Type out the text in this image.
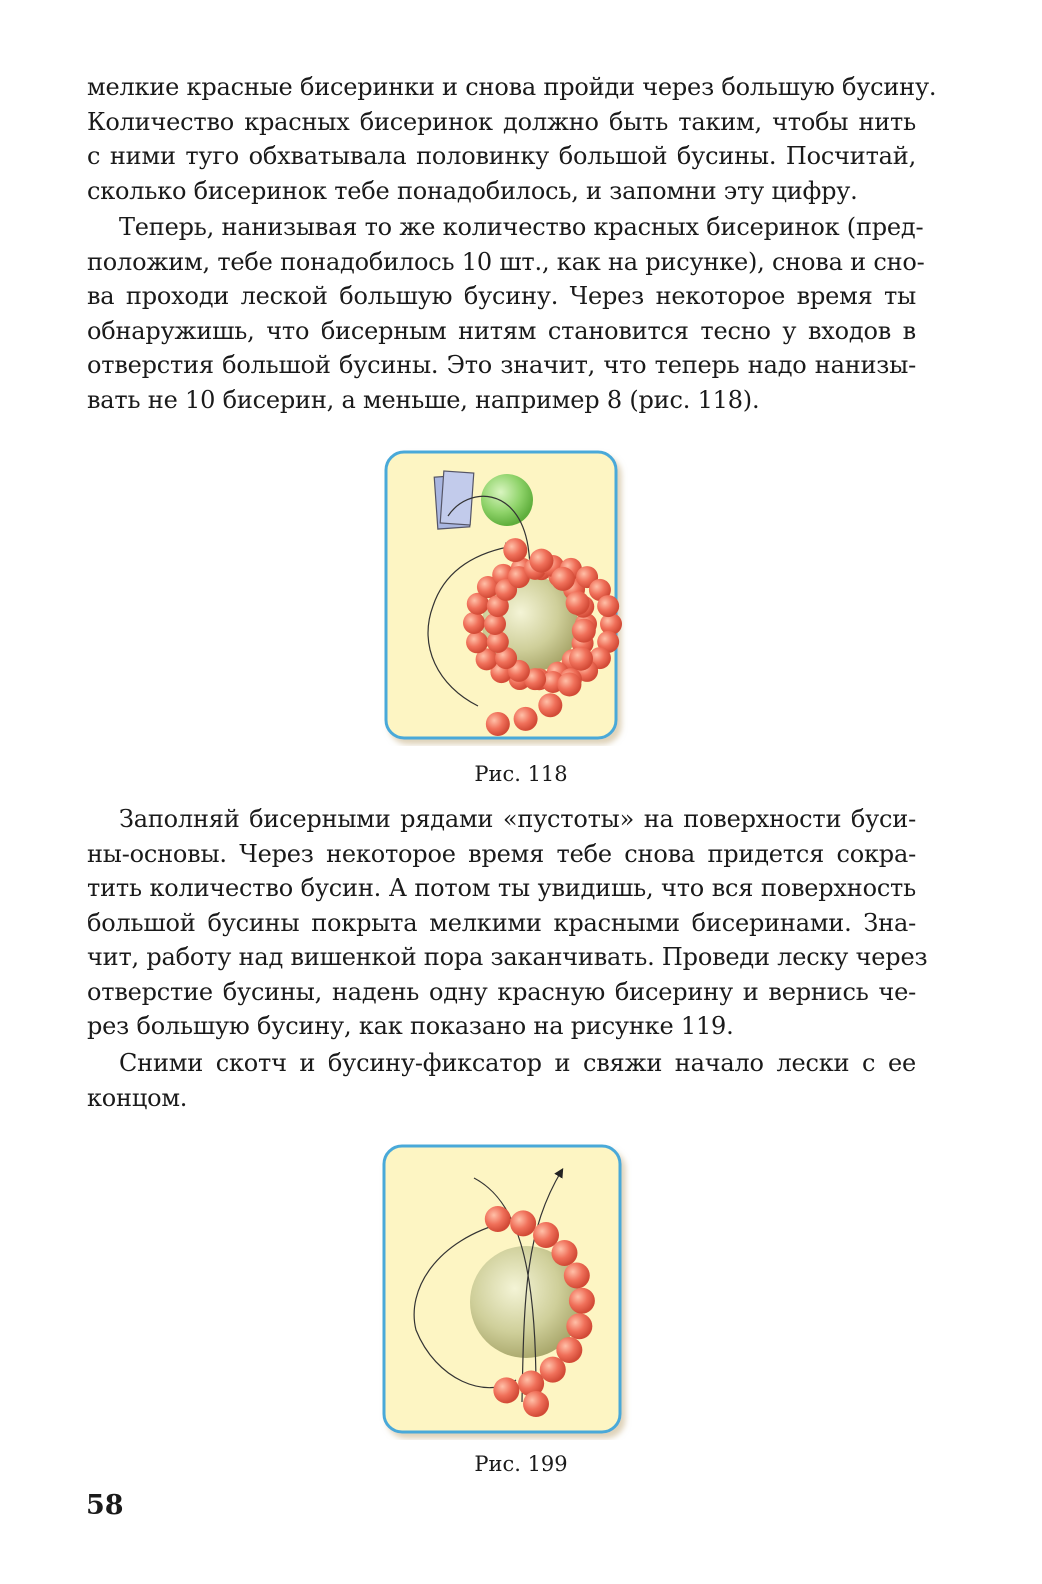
мелкие красные бисеринки и снова пройди через большую бусину.
Количество красных бисеринок должно быть таким, чтобы нить
с ними туго обхватывала половинку большой бусины. Посчитай,
сколько бисеринок тебе понадобилось, и запомни эту цифру.
Теперь, нанизывая то же количество красных бисеринок (пред-
положим, тебе понадобилось 10 шт., как на рисунке), снова и сно-
ва проходи леской большую бусину. Через некоторое время ты
обнаружишь, что бисерным нитям становится тесно у входов в
отверстия большой бусины. Это значит, что теперь надо нанизы-
вать не 10 бисерин, а меньше, например 8 (рис. 118).
Рис. 118
Заполняй бисерными рядами «пустоты» на поверхности буси-
ны-основы. Через некоторое время тебе снова придется сокра-
тить количество бусин. А потом ты увидишь, что вся поверхность
большой бусины покрыта мелкими красными бисеринами. Зна-
чит, работу над вишенкой пора заканчивать. Проведи леску через
отверстие бусины, надень одну красную бисерину и вернись че-
рез большую бусину, как показано на рисунке 119.
Сними скотч и бусину-фиксатор и свяжи начало лески с ее
концом.
Рис. 199
58
